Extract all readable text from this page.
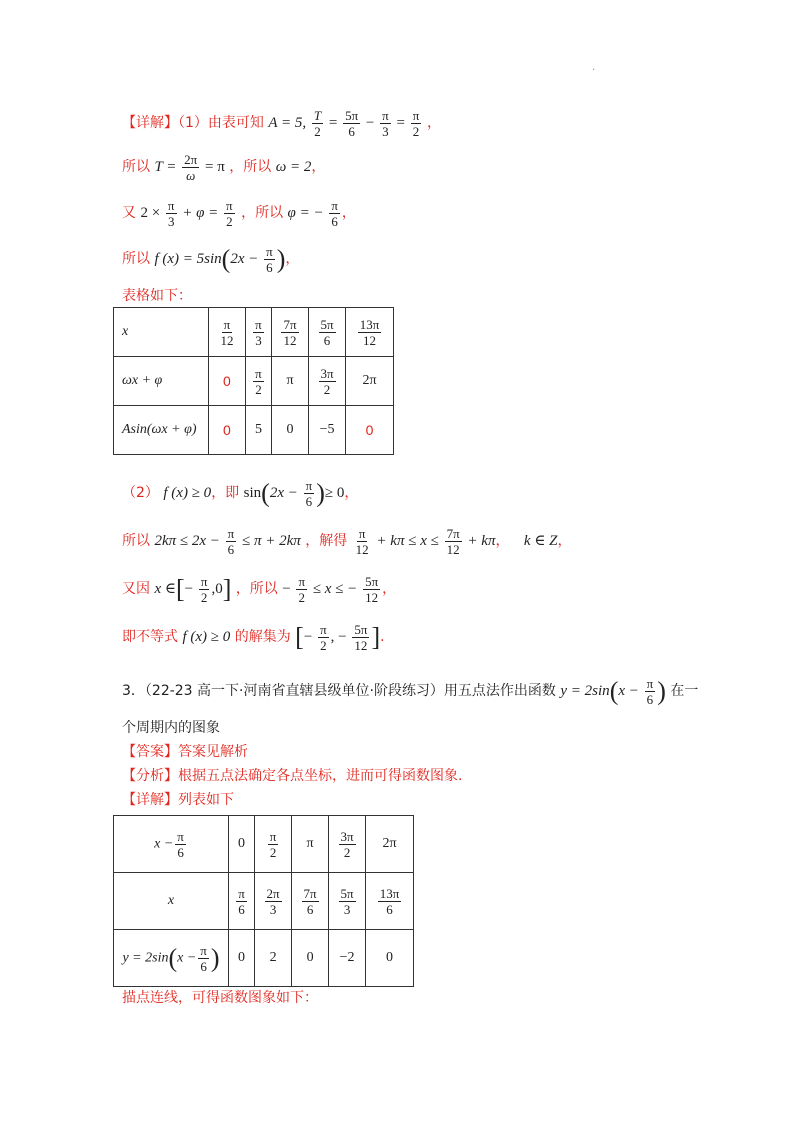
.
【详解】（1）由表可知 A = 5, $\frac{T}{2} = \frac{5\pi}{6} - \frac{\pi}{3} = \frac{\pi}{2}$ ，
所以 $T = \frac{2\pi}{\omega} = \pi$ ，所以 ω = 2，
又 $2 \times \frac{\pi}{3} + \varphi = \frac{\pi}{2}$ ，所以 φ = − $\frac{\pi}{6}$ ，
所以 f $(x) = 5\sin(2x - \frac{\pi}{6}$ )，
表格如下：
x	$\frac{\pi}{12}$	$\frac{\pi}{3}$	$\frac{7\pi}{12}$	$\frac{5\pi}{6}$	$\frac{13\pi}{12}$

ωx + φ	0	$\frac{\pi}{2}$	π	$\frac{3\pi}{2}$	2π
Asin(ωx + φ)	0	5	0	−5	0
（2） f (x) ≥ 0，即 $\sin(2x - \frac{\pi}{6}$ )≥ 0，
所以 $2k\pi \le 2x - \frac{\pi}{6} \le \pi + 2k\pi$ ，解得 $\frac{\pi}{12} + k\pi \le x \le \frac{7\pi}{12} + k\pi$， k ∈ Z，
又因 x ∈[− $\frac{\pi}{2} ,0$] ，所以 − $\frac{\pi}{2} \le x$ ≤ − $\frac{5\pi}{12}$ ，
即不等式 f (x) ≥ 0 的解集为 [− $\frac{\pi}{2}$ , − $\frac{5\pi}{12}$ ].
3．（22-23 高一下·河南省直辖县级单位·阶段练习）用五点法作出函数 $y = 2\sin(x - \frac{\pi}{6}$ ) 在一
个周期内的图象
【答案】答案见解析
【分析】根据五点法确定各点坐标，进而可得函数图象.
【详解】列表如下
$x - \frac{\pi}{6}$	0	$\frac{\pi}{2}$	π	$\frac{3\pi}{2}$	2π
x	$\frac{\pi}{6}$	$\frac{2\pi}{3}$	$\frac{7\pi}{6}$	$\frac{5\pi}{3}$	$\frac{13\pi}{6}$

$y = 2\sin(x - \frac{\pi}{6}$ )	0	2	0	−2	0
描点连线，可得函数图象如下：
